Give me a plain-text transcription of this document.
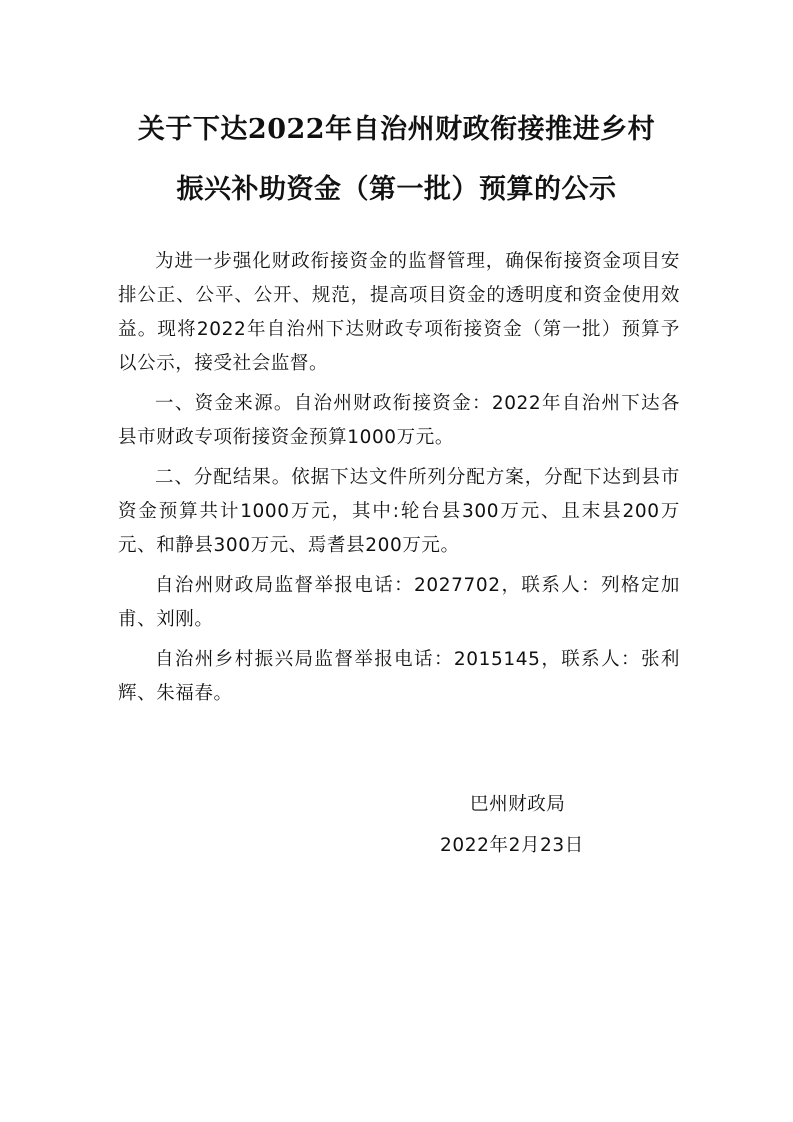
关于下达2022年自治州财政衔接推进乡村
振兴补助资金（第一批）预算的公示

为进一步强化财政衔接资金的监督管理，确保衔接资金项目安排公正、公平、公开、规范，提高项目资金的透明度和资金使用效益。现将2022年自治州下达财政专项衔接资金（第一批）预算予以公示，接受社会监督。

一、资金来源。自治州财政衔接资金：2022年自治州下达各县市财政专项衔接资金预算1000万元。

二、分配结果。依据下达文件所列分配方案，分配下达到县市资金预算共计1000万元，其中:轮台县300万元、且末县200万元、和静县300万元、焉耆县200万元。

自治州财政局监督举报电话：2027702，联系人：列格定加甫、刘刚。

自治州乡村振兴局监督举报电话：2015145，联系人：张利辉、朱福春。

巴州财政局
2022年2月23日
